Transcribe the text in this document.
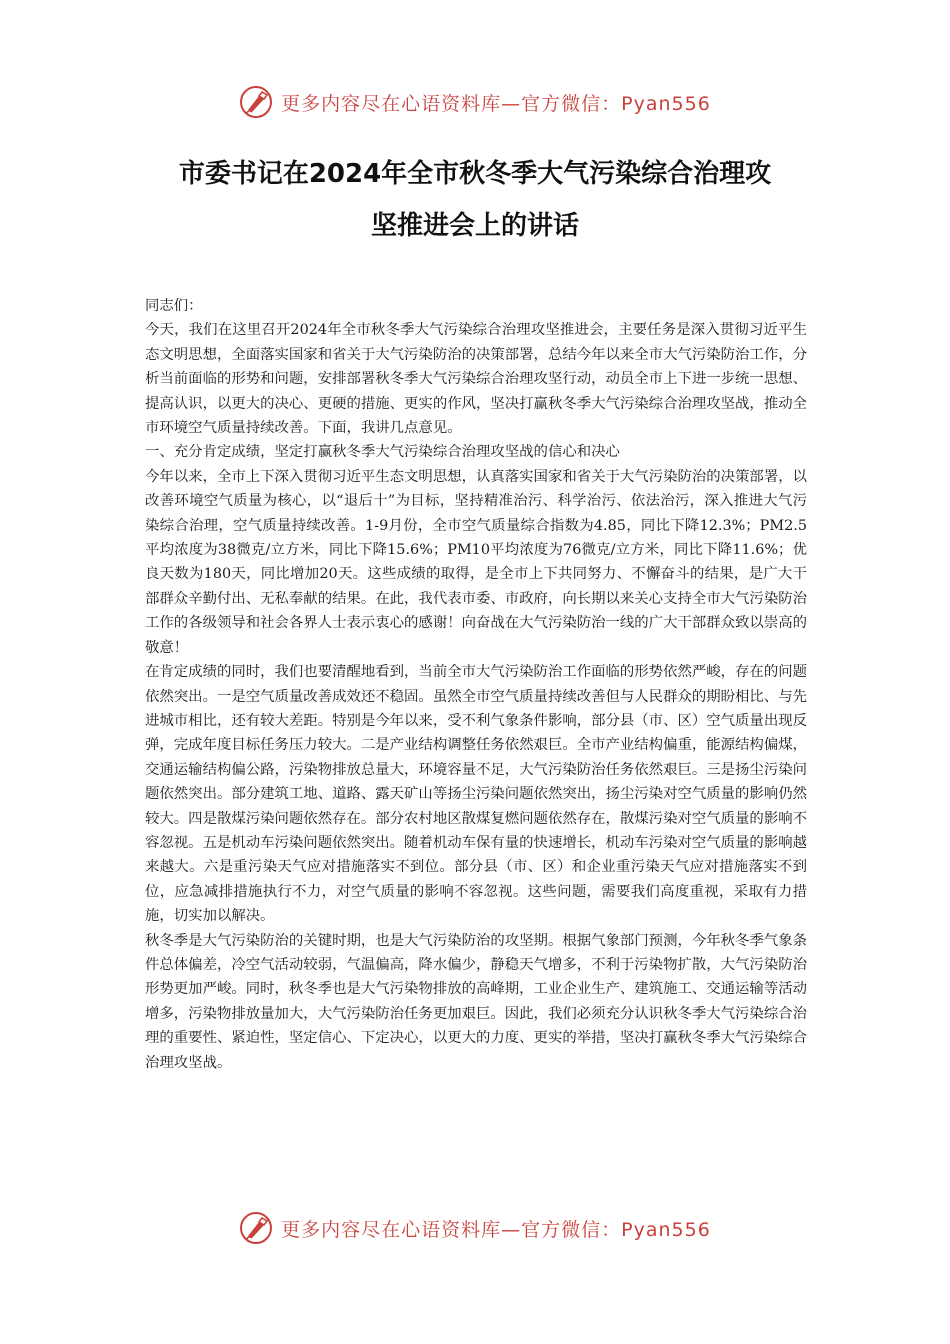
更多内容尽在心语资料库—官方微信：Pyan556
市委书记在2024年全市秋冬季大气污染综合治理攻
坚推进会上的讲话

同志们：

今天，我们在这里召开2024年全市秋冬季大气污染综合治理攻坚推进会，主要任务是深入贯彻习近平生态文明思想，全面落实国家和省关于大气污染防治的决策部署，总结今年以来全市大气污染防治工作，分析当前面临的形势和问题，安排部署秋冬季大气污染综合治理攻坚行动，动员全市上下进一步统一思想、提高认识，以更大的决心、更硬的措施、更实的作风，坚决打赢秋冬季大气污染综合治理攻坚战，推动全市环境空气质量持续改善。下面，我讲几点意见。

一、充分肯定成绩，坚定打赢秋冬季大气污染综合治理攻坚战的信心和决心

今年以来，全市上下深入贯彻习近平生态文明思想，认真落实国家和省关于大气污染防治的决策部署，以改善环境空气质量为核心，以“退后十”为目标，坚持精准治污、科学治污、依法治污，深入推进大气污染综合治理，空气质量持续改善。1-9月份，全市空气质量综合指数为4.85，同比下降12.3%；PM2.5平均浓度为38微克/立方米，同比下降15.6%；PM10平均浓度为76微克/立方米，同比下降11.6%；优良天数为180天，同比增加20天。这些成绩的取得，是全市上下共同努力、不懈奋斗的结果，是广大干部群众辛勤付出、无私奉献的结果。在此，我代表市委、市政府，向长期以来关心支持全市大气污染防治工作的各级领导和社会各界人士表示衷心的感谢！向奋战在大气污染防治一线的广大干部群众致以崇高的敬意！

在肯定成绩的同时，我们也要清醒地看到，当前全市大气污染防治工作面临的形势依然严峻，存在的问题依然突出。一是空气质量改善成效还不稳固。虽然全市空气质量持续改善但与人民群众的期盼相比、与先进城市相比，还有较大差距。特别是今年以来，受不利气象条件影响，部分县（市、区）空气质量出现反弹，完成年度目标任务压力较大。二是产业结构调整任务依然艰巨。全市产业结构偏重，能源结构偏煤，交通运输结构偏公路，污染物排放总量大，环境容量不足，大气污染防治任务依然艰巨。三是扬尘污染问题依然突出。部分建筑工地、道路、露天矿山等扬尘污染问题依然突出，扬尘污染对空气质量的影响仍然较大。四是散煤污染问题依然存在。部分农村地区散煤复燃问题依然存在，散煤污染对空气质量的影响不容忽视。五是机动车污染问题依然突出。随着机动车保有量的快速增长，机动车污染对空气质量的影响越来越大。六是重污染天气应对措施落实不到位。部分县（市、区）和企业重污染天气应对措施落实不到位，应急减排措施执行不力，对空气质量的影响不容忽视。这些问题，需要我们高度重视，采取有力措施，切实加以解决。

秋冬季是大气污染防治的关键时期，也是大气污染防治的攻坚期。根据气象部门预测，今年秋冬季气象条件总体偏差，冷空气活动较弱，气温偏高，降水偏少，静稳天气增多，不利于污染物扩散，大气污染防治形势更加严峻。同时，秋冬季也是大气污染物排放的高峰期，工业企业生产、建筑施工、交通运输等活动增多，污染物排放量加大，大气污染防治任务更加艰巨。因此，我们必须充分认识秋冬季大气污染综合治理的重要性、紧迫性，坚定信心、下定决心，以更大的力度、更实的举措，坚决打赢秋冬季大气污染综合治理攻坚战。

更多内容尽在心语资料库—官方微信：Pyan556
